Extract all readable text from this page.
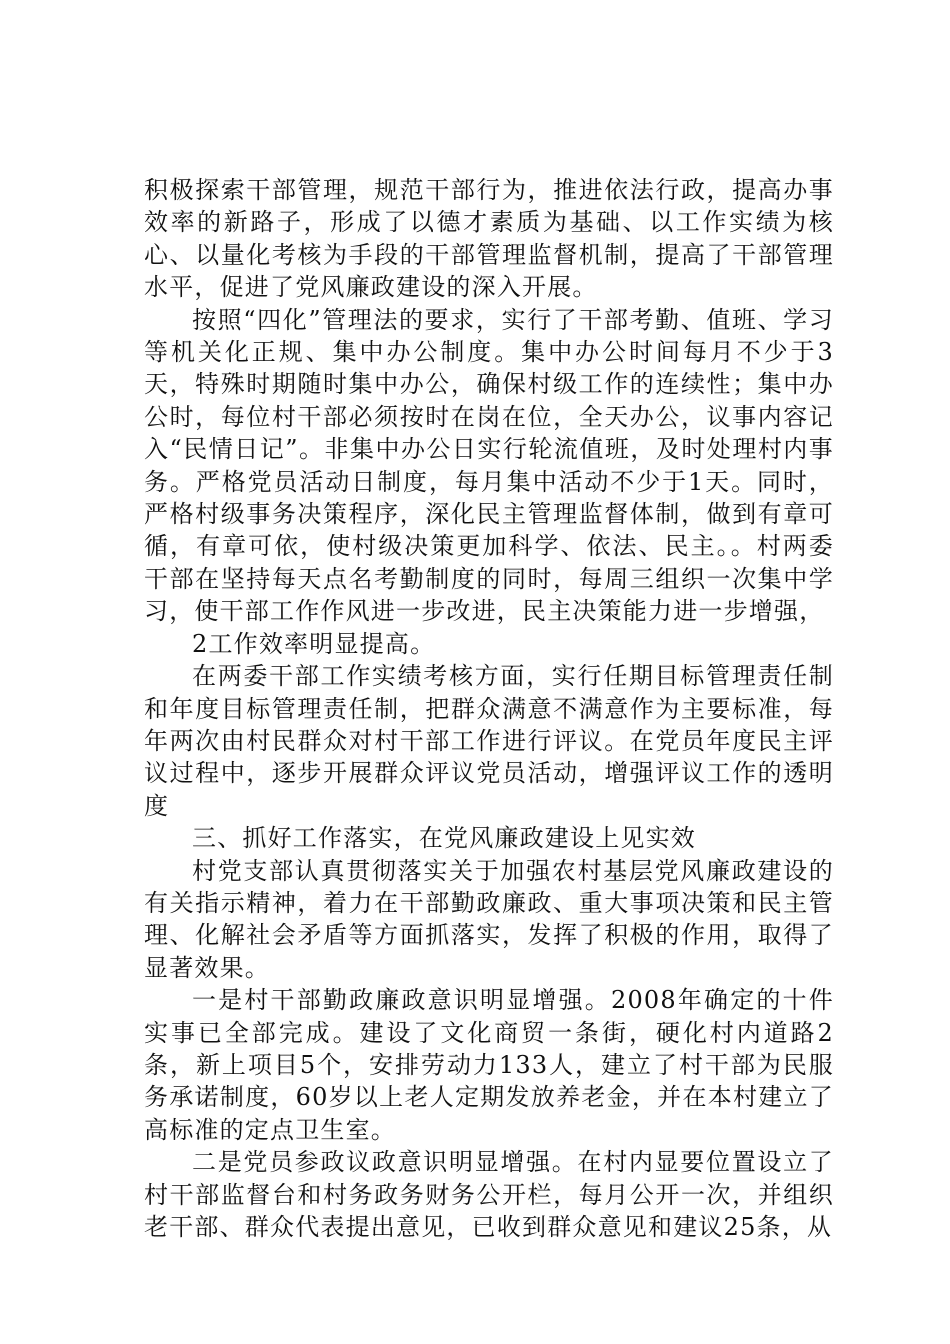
积极探索干部管理，规范干部行为，推进依法行政，提高办事效率的新路子，形成了以德才素质为基础、以工作实绩为核心、以量化考核为手段的干部管理监督机制，提高了干部管理水平，促进了党风廉政建设的深入开展。

按照“四化”管理法的要求，实行了干部考勤、值班、学习等机关化正规、集中办公制度。集中办公时间每月不少于3天，特殊时期随时集中办公，确保村级工作的连续性；集中办公时，每位村干部必须按时在岗在位，全天办公，议事内容记入“民情日记”。非集中办公日实行轮流值班，及时处理村内事务。严格党员活动日制度，每月集中活动不少于1天。同时，严格村级事务决策程序，深化民主管理监督体制，做到有章可循，有章可依，使村级决策更加科学、依法、民主。。村两委干部在坚持每天点名考勤制度的同时，每周三组织一次集中学习，使干部工作作风进一步改进，民主决策能力进一步增强，

2工作效率明显提高。

在两委干部工作实绩考核方面，实行任期目标管理责任制和年度目标管理责任制，把群众满意不满意作为主要标准，每年两次由村民群众对村干部工作进行评议。在党员年度民主评议过程中，逐步开展群众评议党员活动，增强评议工作的透明度

三、抓好工作落实，在党风廉政建设上见实效

村党支部认真贯彻落实关于加强农村基层党风廉政建设的有关指示精神，着力在干部勤政廉政、重大事项决策和民主管理、化解社会矛盾等方面抓落实，发挥了积极的作用，取得了显著效果。

一是村干部勤政廉政意识明显增强。2008年确定的十件实事已全部完成。建设了文化商贸一条街，硬化村内道路2条，新上项目5个，安排劳动力133人，建立了村干部为民服务承诺制度，60岁以上老人定期发放养老金，并在本村建立了高标准的定点卫生室。

二是党员参政议政意识明显增强。在村内显要位置设立了村干部监督台和村务政务财务公开栏，每月公开一次，并组织老干部、群众代表提出意见，已收到群众意见和建议25条，从
